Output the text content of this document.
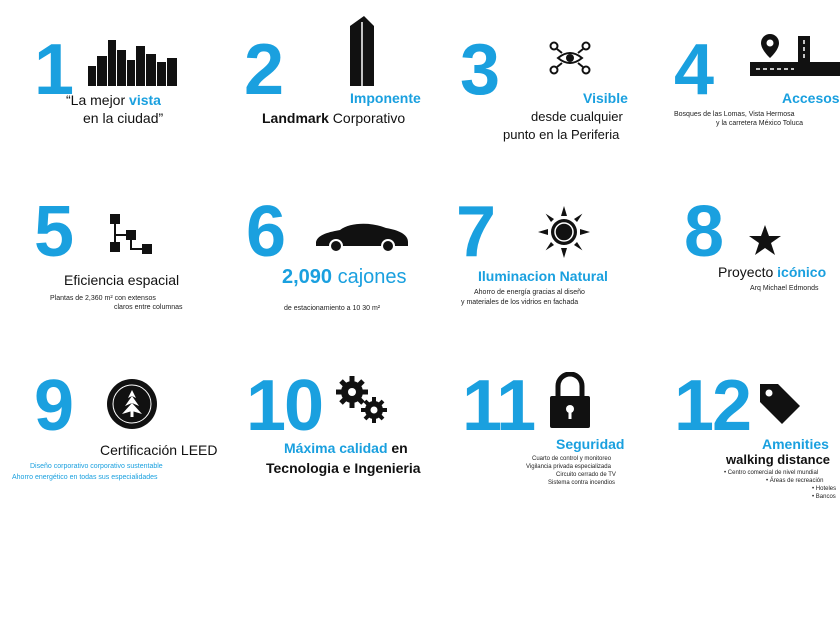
1
“La mejor vista
en la ciudad”
2	Imponente
Landmark Corporativo
3	Visible
desde cualquier
punto en la Periferia
4	Accesos
Bosques de las Lomas, Vista Hermosa
y la carretera México Toluca
5
Eficiencia espacial
Plantas de 2,360 m² con extensos
claros entre columnas
6
2,090 cajones
de estacionamiento a 10 30 m²
7
Iluminacion Natural
Ahorro de energía gracias al diseño
y materiales de los vidrios en fachada
8
Proyecto icónico
Arq Michael Edmonds
9
Certificación LEED
Diseño corporativo corporativo sustentable
Ahorro energético en todas sus especialidades
10
Máxima calidad en
Tecnologia e Ingenieria
11 Seguridad
Cuarto de control y monitoreo
Vigilancia privada especializada
Circuito cerrado de TV
Sistema contra incendios
12 Amenities
walking distance
• Centro comercial de nivel mundial
• Áreas de recreación
• Hoteles
• Bancos
